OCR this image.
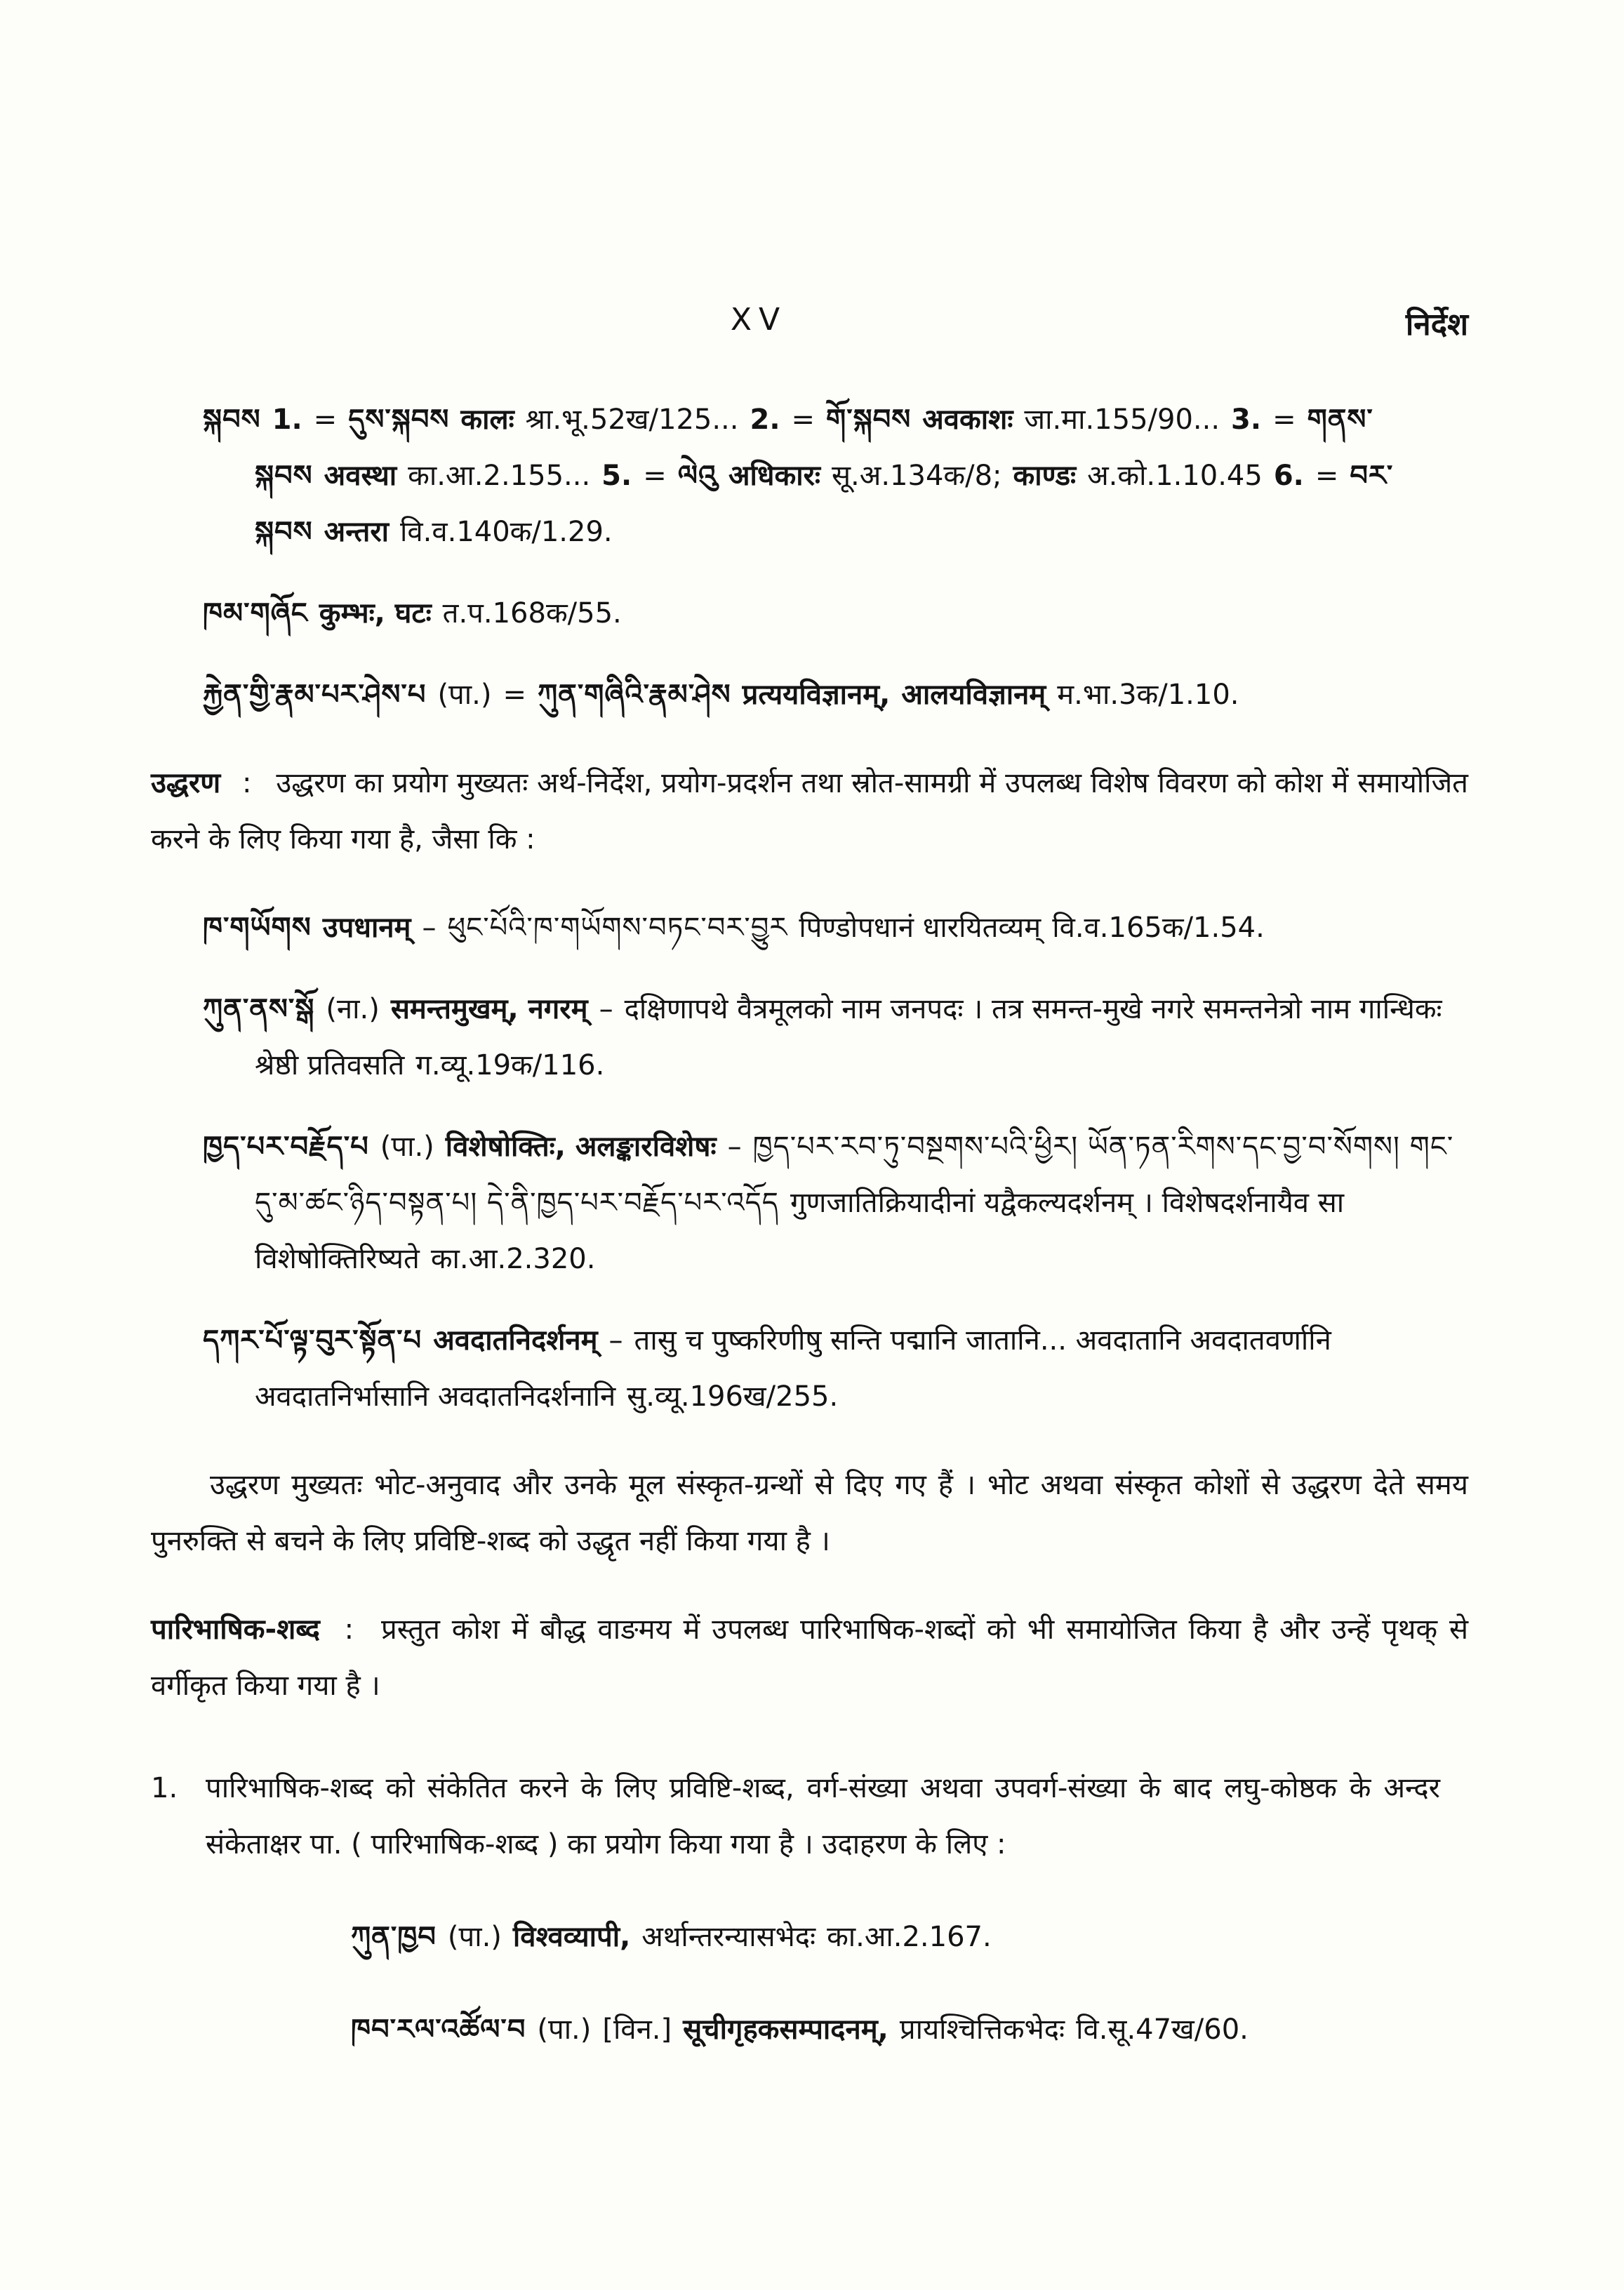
XV	निर्देश
སྐབས 1. = དུས་སྐབས कालः श्रा.भू.52ख/125... 2. = གོ་སྐབས अवकाशः जा.मा.155/90... 3. = གནས་སྐབས अवस्था का.आ.2.155... 5. = ལེའུ अधिकारः सू.अ.134क/8; काण्डः अ.को.1.10.45 6. = བར་སྐབས अन्तरा वि.व.140क/1.29.
ཁམ་གཞོང कुम्भः, घटः त.प.168क/55.
རྐྱེན་གྱི་རྣམ་པར་ཤེས་པ (पा.) = ཀུན་གཞིའི་རྣམ་ཤེས प्रत्ययविज्ञानम्, आलयविज्ञानम् म.भा.3क/1.10.

उद्धरण : उद्धरण का प्रयोग मुख्यतः अर्थ-निर्देश, प्रयोग-प्रदर्शन तथा स्रोत-सामग्री में उपलब्ध विशेष विवरण को कोश में समायोजित करने के लिए किया गया है, जैसा कि :

ཁ་གཡོགས उपधानम् – ཕུང་པོའི་ཁ་གཡོགས་བཏང་བར་བྱུར पिण्डोपधानं धारयितव्यम् वि.व.165क/1.54.
ཀུན་ནས་སྒོ (ना.) समन्तमुखम्, नगरम् – दक्षिणापथे वैत्रमूलको नाम जनपदः । तत्र समन्त-मुखे नगरे समन्तनेत्रो नाम गान्धिकः श्रेष्ठी प्रतिवसति ग.व्यू.19क/116.
ཁྱད་པར་བརྗོད་པ (पा.) विशेषोक्तिः, अलङ्कारविशेषः – ཁྱད་པར་རབ་ཏུ་བསྔགས་པའི་ཕྱིར། ཡོན་ཏན་རིགས་དང་བྱ་བ་སོགས། གང་དུ་མ་ཚང་ཉིད་བསྟན་པ། དེ་ནི་ཁྱད་པར་བརྗོད་པར་འདོད गुणजातिक्रियादीनां यद्वैकल्यदर्शनम् । विशेषदर्शनायैव सा विशेषोक्तिरिष्यते का.आ.2.320.
དཀར་པོ་ལྟ་བུར་སྟོན་པ अवदातनिदर्शनम् – तासु च पुष्करिणीषु सन्ति पद्मानि जातानि... अवदातानि अवदातवर्णानि अवदातनिर्भासानि अवदातनिदर्शनानि सु.व्यू.196ख/255.

उद्धरण मुख्यतः भोट-अनुवाद और उनके मूल संस्कृत-ग्रन्थों से दिए गए हैं । भोट अथवा संस्कृत कोशों से उद्धरण देते समय पुनरुक्ति से बचने के लिए प्रविष्टि-शब्द को उद्धृत नहीं किया गया है ।

पारिभाषिक-शब्द : प्रस्तुत कोश में बौद्ध वाङमय में उपलब्ध पारिभाषिक-शब्दों को भी समायोजित किया है और उन्हें पृथक् से वर्गीकृत किया गया है ।

1. पारिभाषिक-शब्द को संकेतित करने के लिए प्रविष्टि-शब्द, वर्ग-संख्या अथवा उपवर्ग-संख्या के बाद लघु-कोष्ठक के अन्दर संकेताक्षर पा. ( पारिभाषिक-शब्द ) का प्रयोग किया गया है । उदाहरण के लिए :
ཀུན་ཁྱབ (पा.) विश्वव्यापी, अर्थान्तरन्यासभेदः का.आ.2.167.
ཁབ་རལ་འཚོལ་བ (पा.) [विन.] सूचीगृहकसम्पादनम्, प्रायश्चित्तिकभेदः वि.सू.47ख/60.
